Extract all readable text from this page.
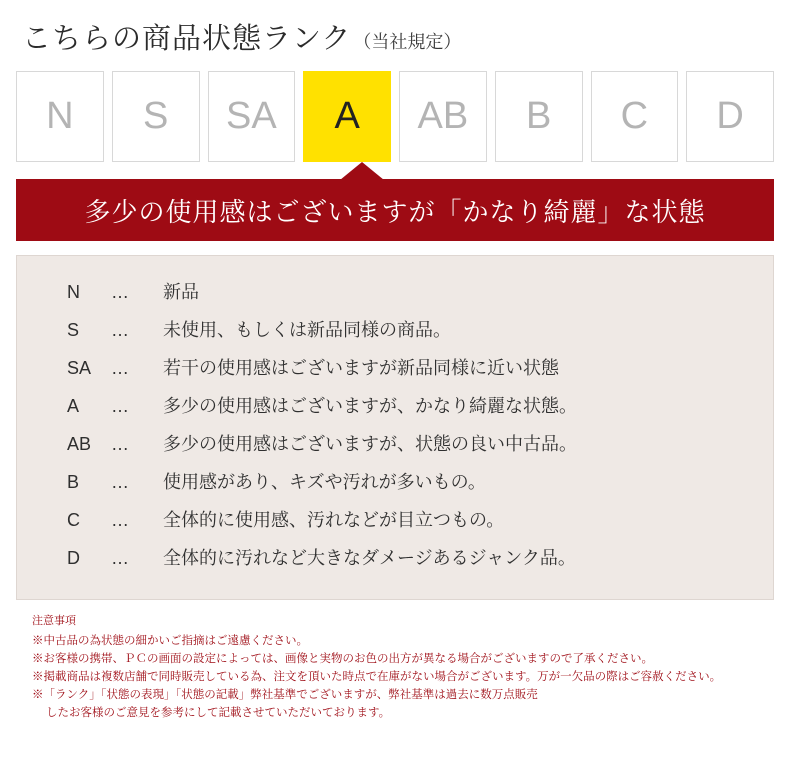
こちらの商品状態ランク （当社規定）
N S SA A AB B C D
多少の使用感はございますが「かなり綺麗」な状態
N	…	新品
S	…	未使用、もしくは新品同様の商品。
SA	…	若干の使用感はございますが新品同様に近い状態
A	…	多少の使用感はございますが、かなり綺麗な状態。
AB	…	多少の使用感はございますが、状態の良い中古品。
B	…	使用感があり、キズや汚れが多いもの。
C	…	全体的に使用感、汚れなどが目立つもの。
D	…	全体的に汚れなど大きなダメージあるジャンク品。
注意事項
※中古品の為状態の細かいご指摘はご遠慮ください。
※お客様の携帯、ＰＣの画面の設定によっては、画像と実物のお色の出方が異なる場合がございますので了承ください。
※掲載商品は複数店舗で同時販売している為、注文を頂いた時点で在庫がない場合がございます。万が一欠品の際はご容赦ください。
※「ランク」「状態の表現」「状態の記載」弊社基準でございますが、弊社基準は過去に数万点販売
したお客様のご意見を参考にして記載させていただいております。
